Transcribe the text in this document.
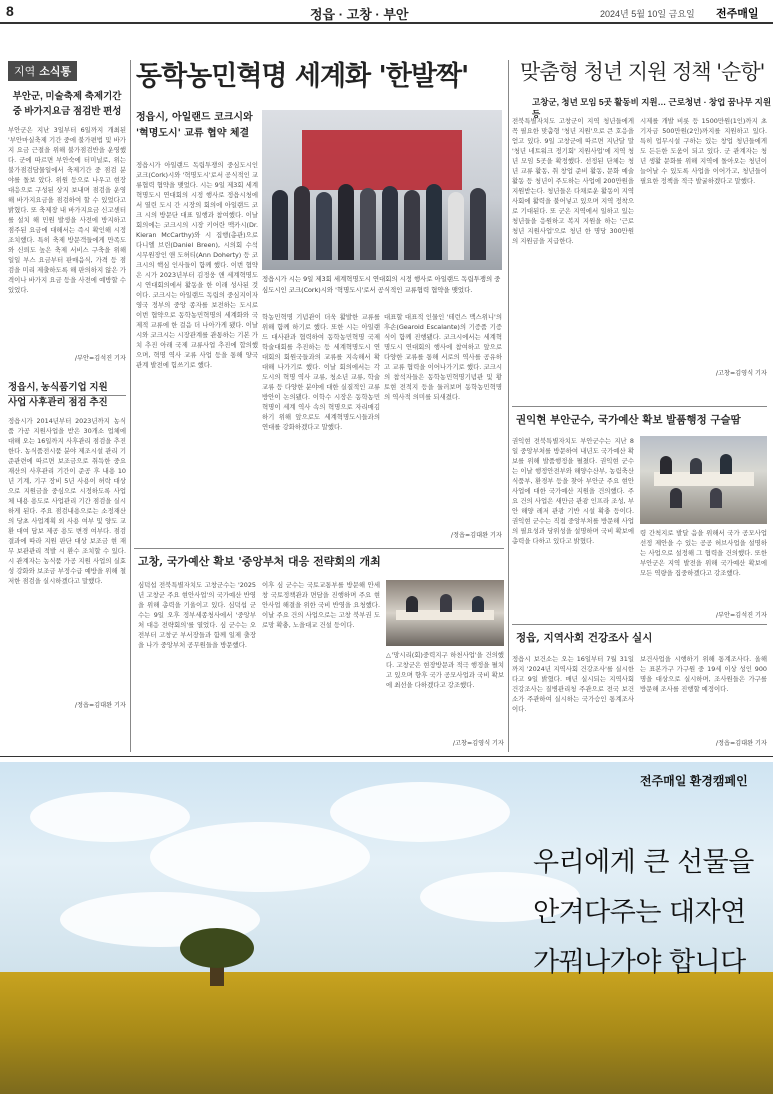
8	정읍 · 고창 · 부안	2024년 5월 10일 금요일 전주매일
지역 소식통
부안군, 미술축제 축제기간
중 바가지요금 점검반 편성
부안군은 지난 3일부터 6일까지 개최된 '부안마실축제 기간 중에 불가편법 및 바가지 요금 근절을 위해 불가점검반을 운영했다. 군에 따르면 부안숙에 터미널로, 위는 불가점검담물일에서 축제기간 중 점검 분야를 돌보 았다. 위원 등으로 나우고 현장 대응으로 구성된 상지 보내며 점검을 운영해 바가지요금을 점검하여 할 수 있었다고 밝혔다. 또 축제장 내 바가지요금 신고센터를 설치 해 민원 발생을 사전에 방지하고 점주된 요금에 대해서는 즉시 확인해 시정 조치했다. 특히 축제 방문객들에게 만족도와 신뢰도 높은 축제 서비스 구축을 위해 일일 부스 요금부터 판매음식, 가격 등 점검을 미리 제출하도록 해 판의하지 않은 가격이나 바가지 요금 등을 사전에 예방할 수 있었다.
/부안=김석진 기자
정읍시, 농식품기업 지원
사업 사후관리 점검 추진
정읍시가 2014년부터 2023년까지 농식품 가공 지원사업을 받은 30개소 업체에 대해 오는 16일까지 사후관리 점검을 추진한다. 농식품전시품 분야 제조시설 관리 기준관련에 따르면 보조금으로 취득한 중요재산의 사후관리 기간이 준공 후 내용 10년 기계, 기구 장비 5년 사용이 허락 대상으로 지원금을 중심으로 시정하도록 사업체 내용 용도로 사업관리 기간 점검을 실시하게 된다. 주요 점검내용으로는 소정재산의 당초 사업계획 외 사용 여부 및 양도 교환 대여 담보 제공 용도 변경 여부다. 점검 결과에 따라 지원 판단 대상 보조금 현 재무 보관관리 적발 시 환수 조치할 수 있다. 시 관계자는 농식품 가공 지원 사업의 실효성 강화와 보조금 부정수급 예방을 위해 철저한 점검을 실시하겠다고 말했다.
/정읍=김대완 기자
동학농민혁명 세계화 '한발짝'
정읍시, 아일랜드 코크시와
'혁명도시' 교류 협약 체결
정읍시가 아일랜드 독립투쟁의 중심도시인 코크(Cork)시와 '혁명도시'로서 공식적인 교류협력 협약을 맺었다. 시는 9일 제3회 세계혁명도시 연대회의 시정 행사로 정읍시청에서 열린 도시 간 시장의 회의에 아일랜드 코크 시의 방문단 대표 일행과 참여했다. 이날 회의에는 코크시의 시장 키어란 맥카시(Dr. Kieran McCarthy)와 시 집행(총관)으로 다니엘 브린(Daniel Breen), 시의회 수석 시무원장인 앤 도허티(Ann Doherty) 등 코크시의 핵심 인사들이 함께 했다. 이번 협약은 시가 2023년부터 김정웅 앤 세계혁명도시 연대회의에서 활동을 한 이래 성사된 것이다. 코크시는 아일랜드 독립의 중심지이자 영국 정부의 중앙 종자를 보전하는 도시로 이번 협약으로 동학농민혁명의 세계화와 국제적 교류에 한 걸음 더 나아가게 됐다. 이날 시와 코크시는 시장관계를 관통하는 기본 가치 추진 아래 국제 교류사업 추진에 합의했으며, 혁명 역사 교류 사업 등을 통해 양국 관계 발전에 힘쓰기로 했다.
정읍시가 시는 9일 제3회 세계혁명도시 연대회의 시정 행사로 아일랜드 독립투쟁의 중심도시인 코크(Cork)시와 '혁명도시'로서 공식적인 교류협력 협약을 맺었다.
학농민혁명 기념관이 더욱 활발한 교류를 위해 함께 하기로 했다. 또한 시는 아일랜드 대사관과 협력하여 동학농민혁명 국제학술대회를 추진하는 등 세계혁명도시 연대회의 회원국들과의 교류를 지속해서 확대해 나가기로 했다. 이날 회의에서는 각 도시의 혁명 역사 교류, 청소년 교류, 학술 교류 등 다양한 분야에 대한 실질적인 교류 방안이 논의됐다. 이학수 시장은 동학농민혁명이 세계 역사 속의 혁명으로 자리매김하기 위해 앞으로도 세계혁명도시들과의 연대를 강화하겠다고 말했다.
대표할 대표적 인물인 '테런스 맥스위니'의 후손(Gearoid Escalante)의 기증품 기증식이 함께 진행됐다. 코크시에서는 세계혁명도시 연대회의 행사에 참여하고 앞으로 다양한 교류를 통해 서로의 역사를 공유하고 교류 협력을 이어나가기로 했다. 코크시의 참석자들은 동학농민혁명기념관 및 황토현 전적지 등을 둘러보며 동학농민혁명의 역사적 의미를 되새겼다.
/정읍=김대완 기자
맞춤형 청년 지원 정책 '순항'
고창군, 청년 모임 5곳 활동비 지원… 근로청년 · 창업 꿈나무 지원 등
전북특별자치도 고창군이 지역 청년들에게 꼭 필요한 맞춤형 '청년 지원'으로 큰 호응을 얻고 있다. 9일 고창군에 따르면 지난달 말 '청년 네트워크 정기회' 지원사업'에 지역 청년 모임 5곳을 확정했다. 선정된 단체는 청년 교류 활동, 취 창업 준비 활동, 문화 예술 활동 등 청년이 주도하는 사업에 200만원을 지원받는다. 청년들은 다채로운 활동이 지역사회에 활력을 불어넣고 있으며 지역 정착으로 기대된다. 또 군은 지역에서 일하고 있는 청년들을 응원하고 복지 지원을 하는 '근로청년 지원사업'으로 청년 한 명당 300만원의 지원금을 지급한다.
시제를 개발 비롯 등 1500만원(1인)까지 초기자금 500만원(2인)까지를 지원하고 있다. 특히 업무시설 구하는 있는 창업 청년들에게도 든든한 도움이 되고 있다. 군 관계자는 청년 생활 문화를 위해 지역에 돌아오는 청년이 늘어날 수 있도록 사업을 이어가고, 청년들이 필요한 정책을 적극 발굴하겠다고 말했다.
/고창=김영식 기자
권익현 부안군수, 국가예산 확보 발품행정 구슬땀
권익현 전북특별자치도 부안군수는 지난 8일 중앙부처를 방문하여 내년도 국가예산 확보를 위해 발품행정을 펼쳤다. 권익현 군수는 이날 행정안전부와 해양수산부, 농림축산식품부, 환경부 등을 찾아 부안군 주요 현안 사업에 대한 국가예산 지원을 건의했다. 주요 건의 사업은 새만금 관광 인프라 조성, 부안 해양 레저 관광 기반 시설 확충 등이다. 권익현 군수는 직접 중앙부처를 방문해 사업의 필요성과 당위성을 설명하며 국비 확보에 총력을 다하고 있다고 밝혔다.
령 간척지로 발달 음을 위해서 국가 공모사업 선정 제안을 수 있는 공공 허브사업을 설명하는 사업으로 설정해 그 협력을 건의했다. 또한 부안군은 지역 발전을 위해 국가예산 확보에 모든 역량을 집중하겠다고 강조했다.
/부안=김석진 기자
고창, 국가예산 확보 '중앙부처 대응 전략회의 개최
심덕섭 전북특별자치도 고창군수는 '2025년 고창군 주요 현안사업'의 국가예산 반영을 위해 총력을 기울이고 있다. 심덕섭 군수는 9일 오후 정부세종청사에서 '중앙부처 대응 전략회의'를 열었다. 심 군수는 오전부터 고창군 부서장들과 함께 일제 출장을 나가 중앙부처 공무원들을 방문했다.
이후 심 군수는 국토교통부를 방문해 안세창 국토정책관과 면담을 진행하며 주요 현안사업 해결을 위한 국비 반영을 요청했다. 이날 주요 건의 사업으로는 고창 북부권 도로망 확충, 노을대교 건설 등이다.
△'망시리(회)중력지구 하천사업'을 건의했다. 고창군은 현장방문과 적극 행정을 펼치고 있으며 향후 국가 공모사업과 국비 확보에 최선을 다하겠다고 강조했다.
/고창=김영식 기자
정읍, 지역사회 건강조사 실시
정읍시 보건소는 오는 16일부터 7월 31일까지 '2024년 지역사회 건강조사'를 실시한다고 9일 밝혔다. 매년 실시되는 지역사회 건강조사는 질병관리청 주관으로 전국 보건소가 주관하여 실시하는 국가승인 통계조사이다.
보건사업을 시행하기 위해 통계조사다. 올해는 표본가구 가구원 중 19세 이상 성인 900명을 대상으로 실시하며, 조사원들은 가구를 방문해 조사를 진행할 예정이다.
/정읍=김대완 기자
전주매일 환경캠페인
우리에게 큰 선물을
안겨다주는 대자연
가꿔나가야 합니다
